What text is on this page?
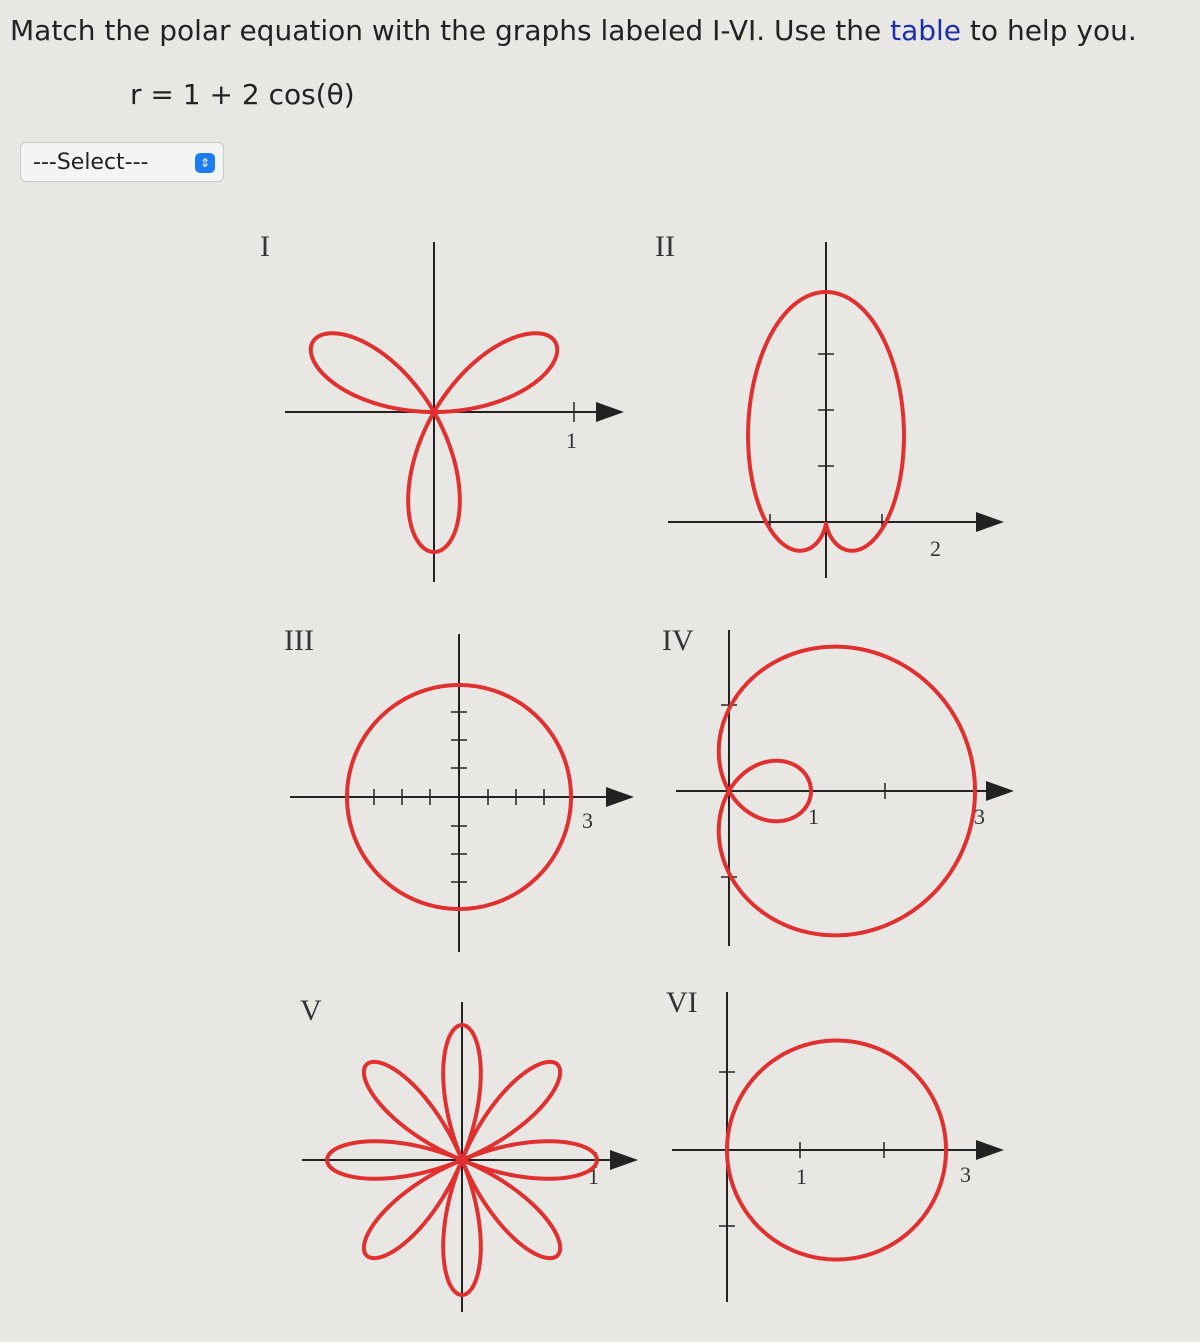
Match the polar equation with the graphs labeled I-VI. Use the table to help you.
r = 1 + 2 cos(θ)
---Select---	⇕
I
1
II
2
III
3
IV
1	3
V
1
VI
1	3
